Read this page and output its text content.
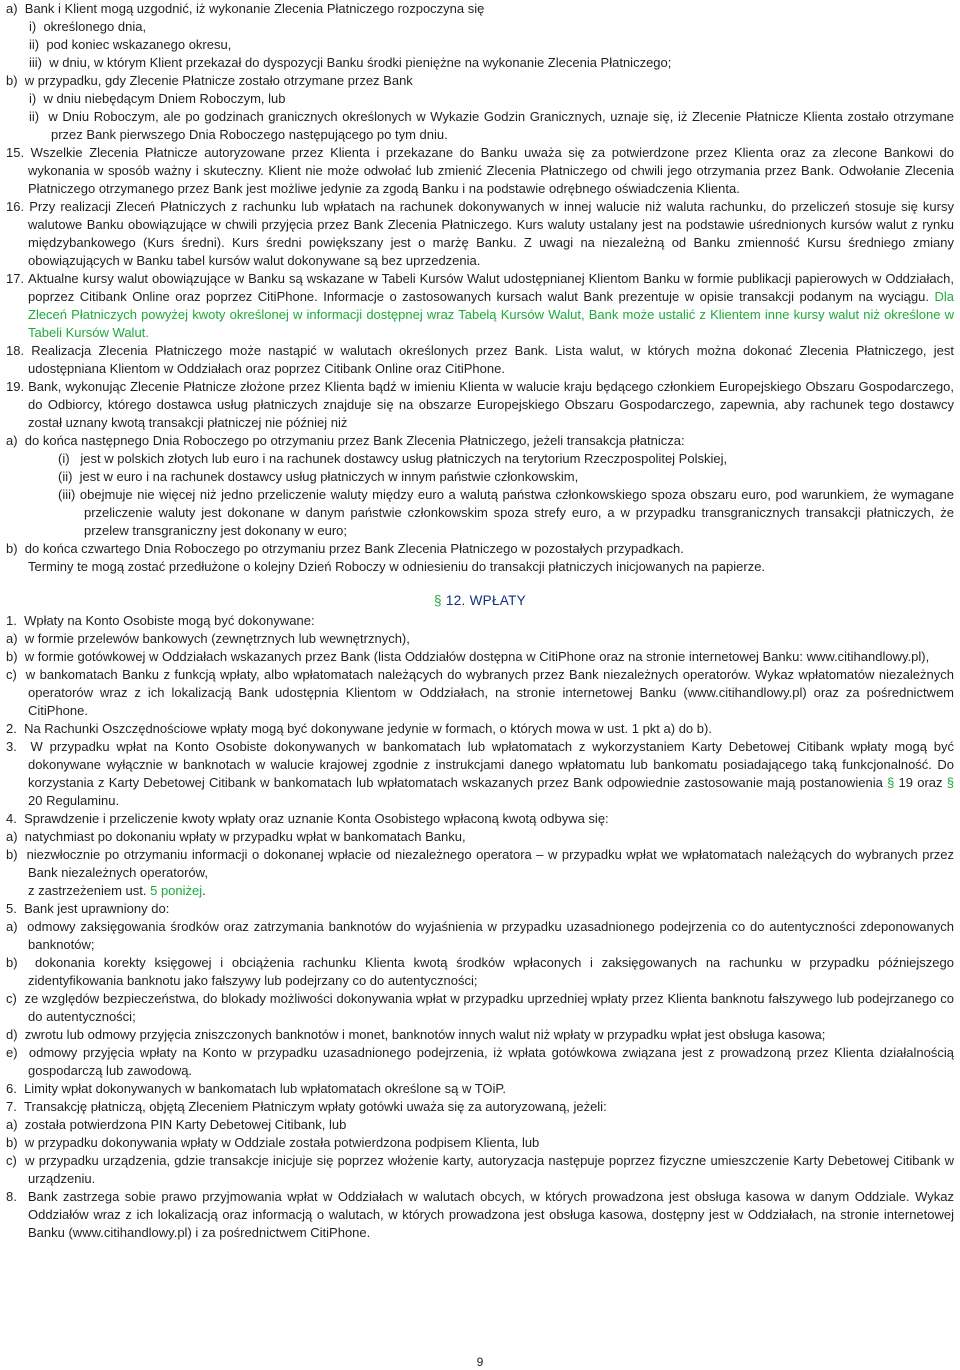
a)  Bank i Klient mogą uzgodnić, iż wykonanie Zlecenia Płatniczego rozpoczyna się

i)  określonego dnia,

ii)  pod koniec wskazanego okresu,

iii)  w dniu, w którym Klient przekazał do dyspozycji Banku środki pieniężne na wykonanie Zlecenia Płatniczego;

b)  w przypadku, gdy Zlecenie Płatnicze zostało otrzymane przez Bank

i)  w dniu niebędącym Dniem Roboczym, lub

ii)  w Dniu Roboczym, ale po godzinach granicznych określonych w Wykazie Godzin Granicznych, uznaje się, iż Zlecenie Płatnicze Klienta zostało otrzymane przez Bank pierwszego Dnia Roboczego następującego po tym dniu.

15. Wszelkie Zlecenia Płatnicze autoryzowane przez Klienta i przekazane do Banku uważa się za potwierdzone przez Klienta oraz za zlecone Bankowi do wykonania w sposób ważny i skuteczny. Klient nie może odwołać lub zmienić Zlecenia Płatniczego od chwili jego otrzymania przez Bank. Odwołanie Zlecenia Płatniczego otrzymanego przez Bank jest możliwe jedynie za zgodą Banku i na podstawie odrębnego oświadczenia Klienta.

16. Przy realizacji Zleceń Płatniczych z rachunku lub wpłatach na rachunek dokonywanych w innej walucie niż waluta rachunku, do przeliczeń stosuje się kursy walutowe Banku obowiązujące w chwili przyjęcia przez Bank Zlecenia Płatniczego. Kurs waluty ustalany jest na podstawie uśrednionych kursów walut z rynku międzybankowego (Kurs średni). Kurs średni powiększany jest o marżę Banku. Z uwagi na niezależną od Banku zmienność Kursu średniego zmiany obowiązujących w Banku tabel kursów walut dokonywane są bez uprzedzenia.

17. Aktualne kursy walut obowiązujące w Banku są wskazane w Tabeli Kursów Walut udostępnianej Klientom Banku w formie publikacji papierowych w Oddziałach, poprzez Citibank Online oraz poprzez CitiPhone. Informacje o zastosowanych kursach walut Bank prezentuje w opisie transakcji podanym na wyciągu. Dla Zleceń Płatniczych powyżej kwoty określonej w informacji dostępnej wraz Tabelą Kursów Walut, Bank może ustalić z Klientem inne kursy walut niż określone w Tabeli Kursów Walut.

18. Realizacja Zlecenia Płatniczego może nastąpić w walutach określonych przez Bank. Lista walut, w których można dokonać Zlecenia Płatniczego, jest udostępniana Klientom w Oddziałach oraz poprzez Citibank Online oraz CitiPhone.

19. Bank, wykonując Zlecenie Płatnicze złożone przez Klienta bądź w imieniu Klienta w walucie kraju będącego członkiem Europejskiego Obszaru Gospodarczego, do Odbiorcy, którego dostawca usług płatniczych znajduje się na obszarze Europejskiego Obszaru Gospodarczego, zapewnia, aby rachunek tego dostawcy został uznany kwotą transakcji płatniczej nie później niż

a)  do końca następnego Dnia Roboczego po otrzymaniu przez Bank Zlecenia Płatniczego, jeżeli transakcja płatnicza:

(i)   jest w polskich złotych lub euro i na rachunek dostawcy usług płatniczych na terytorium Rzeczpospolitej Polskiej,

(ii)  jest w euro i na rachunek dostawcy usług płatniczych w innym państwie członkowskim,

(iii) obejmuje nie więcej niż jedno przeliczenie waluty między euro a walutą państwa członkowskiego spoza obszaru euro, pod warunkiem, że wymagane przeliczenie waluty jest dokonane w danym państwie członkowskim spoza strefy euro, a w przypadku transgranicznych transakcji płatniczych, że przelew transgraniczny jest dokonany w euro;

b)  do końca czwartego Dnia Roboczego po otrzymaniu przez Bank Zlecenia Płatniczego w pozostałych przypadkach.

Terminy te mogą zostać przedłużone o kolejny Dzień Roboczy w odniesieniu do transakcji płatniczych inicjowanych na papierze.

§ 12. WPŁATY

1.  Wpłaty na Konto Osobiste mogą być dokonywane:

a)  w formie przelewów bankowych (zewnętrznych lub wewnętrznych),

b)  w formie gotówkowej w Oddziałach wskazanych przez Bank (lista Oddziałów dostępna w CitiPhone oraz na stronie internetowej Banku: www.citihandlowy.pl),

c)  w bankomatach Banku z funkcją wpłaty, albo wpłatomatach należących do wybranych przez Bank niezależnych operatorów. Wykaz wpłatomatów niezależnych operatorów wraz z ich lokalizacją Bank udostępnia Klientom w Oddziałach, na stronie internetowej Banku (www.citihandlowy.pl) oraz za pośrednictwem CitiPhone.

2.  Na Rachunki Oszczędnościowe wpłaty mogą być dokonywane jedynie w formach, o których mowa w ust. 1 pkt a) do b).

3.  W przypadku wpłat na Konto Osobiste dokonywanych w bankomatach lub wpłatomatach z wykorzystaniem Karty Debetowej Citibank wpłaty mogą być dokonywane wyłącznie w banknotach w walucie krajowej zgodnie z instrukcjami danego wpłatomatu lub bankomatu posiadającego taką funkcjonalność. Do korzystania z Karty Debetowej Citibank w bankomatach lub wpłatomatach wskazanych przez Bank odpowiednie zastosowanie mają postanowienia § 19 oraz § 20 Regulaminu.

4.  Sprawdzenie i przeliczenie kwoty wpłaty oraz uznanie Konta Osobistego wpłaconą kwotą odbywa się:

a)  natychmiast po dokonaniu wpłaty w przypadku wpłat w bankomatach Banku,

b)  niezwłocznie po otrzymaniu informacji o dokonanej wpłacie od niezależnego operatora – w przypadku wpłat we wpłatomatach należących do wybranych przez Bank niezależnych operatorów,

z zastrzeżeniem ust. 5 poniżej.

5.  Bank jest uprawniony do:

a)  odmowy zaksięgowania środków oraz zatrzymania banknotów do wyjaśnienia w przypadku uzasadnionego podejrzenia co do autentyczności zdeponowanych banknotów;

b)  dokonania korekty księgowej i obciążenia rachunku Klienta kwotą środków wpłaconych i zaksięgowanych na rachunku w przypadku późniejszego zidentyfikowania banknotu jako fałszywy lub podejrzany co do autentyczności;

c)  ze względów bezpieczeństwa, do blokady możliwości dokonywania wpłat w przypadku uprzedniej wpłaty przez Klienta banknotu fałszywego lub podejrzanego co do autentyczności;

d)  zwrotu lub odmowy przyjęcia zniszczonych banknotów i monet, banknotów innych walut niż wpłaty w przypadku wpłat jest obsługa kasowa;

e)  odmowy przyjęcia wpłaty na Konto w przypadku uzasadnionego podejrzenia, iż wpłata gotówkowa związana jest z prowadzoną przez Klienta działalnością gospodarczą lub zawodową.

6.  Limity wpłat dokonywanych w bankomatach lub wpłatomatach określone są w TOiP.

7.  Transakcję płatniczą, objętą Zleceniem Płatniczym wpłaty gotówki uważa się za autoryzowaną, jeżeli:

a)  została potwierdzona PIN Karty Debetowej Citibank, lub

b)  w przypadku dokonywania wpłaty w Oddziale została potwierdzona podpisem Klienta, lub

c)  w przypadku urządzenia, gdzie transakcje inicjuje się poprzez włożenie karty, autoryzacja następuje poprzez fizyczne umieszczenie Karty Debetowej Citibank w urządzeniu.

8.  Bank zastrzega sobie prawo przyjmowania wpłat w Oddziałach w walutach obcych, w których prowadzona jest obsługa kasowa w danym Oddziale. Wykaz Oddziałów wraz z ich lokalizacją oraz informacją o walutach, w których prowadzona jest obsługa kasowa, dostępny jest w Oddziałach, na stronie internetowej Banku (www.citihandlowy.pl) i za pośrednictwem CitiPhone.

9
